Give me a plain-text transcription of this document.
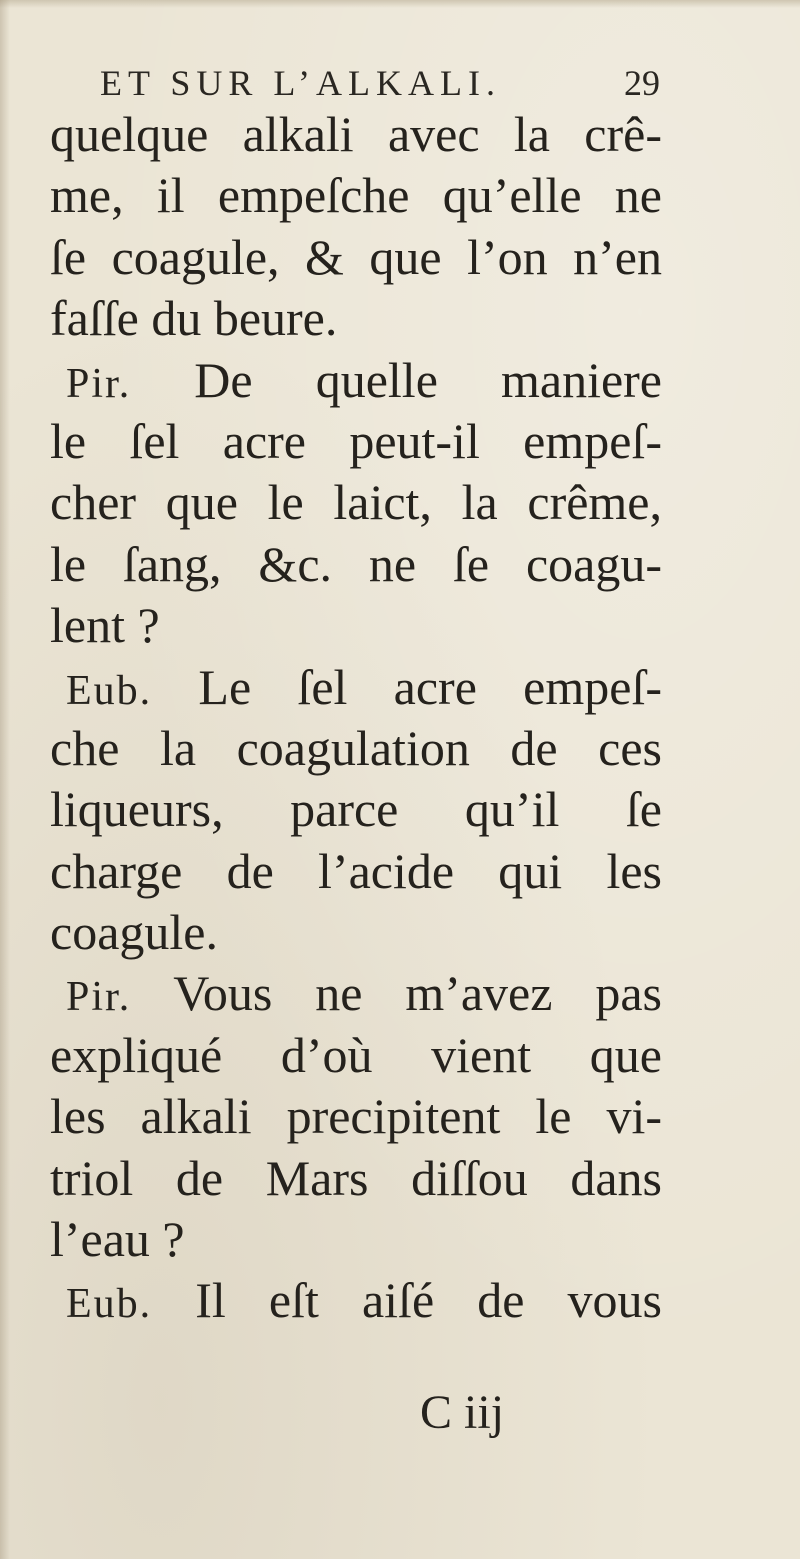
ET SUR L’ALKALI.	29
quelque alkali avec la crê-
me, il empeſche qu’elle ne
ſe coagule, & que l’on n’en
faſſe du beure.
Pir. De quelle maniere
le ſel acre peut-il empeſ-
cher que le laict, la crême,
le ſang, &c. ne ſe coagu-
lent ?
Eub. Le ſel acre empeſ-
che la coagulation de ces
liqueurs, parce qu’il ſe
charge de l’acide qui les
coagule.
Pir. Vous ne m’avez pas
expliqué d’où vient que
les alkali precipitent le vi-
triol de Mars diſſou dans
l’eau ?
Eub. Il eſt aiſé de vous
C iij
